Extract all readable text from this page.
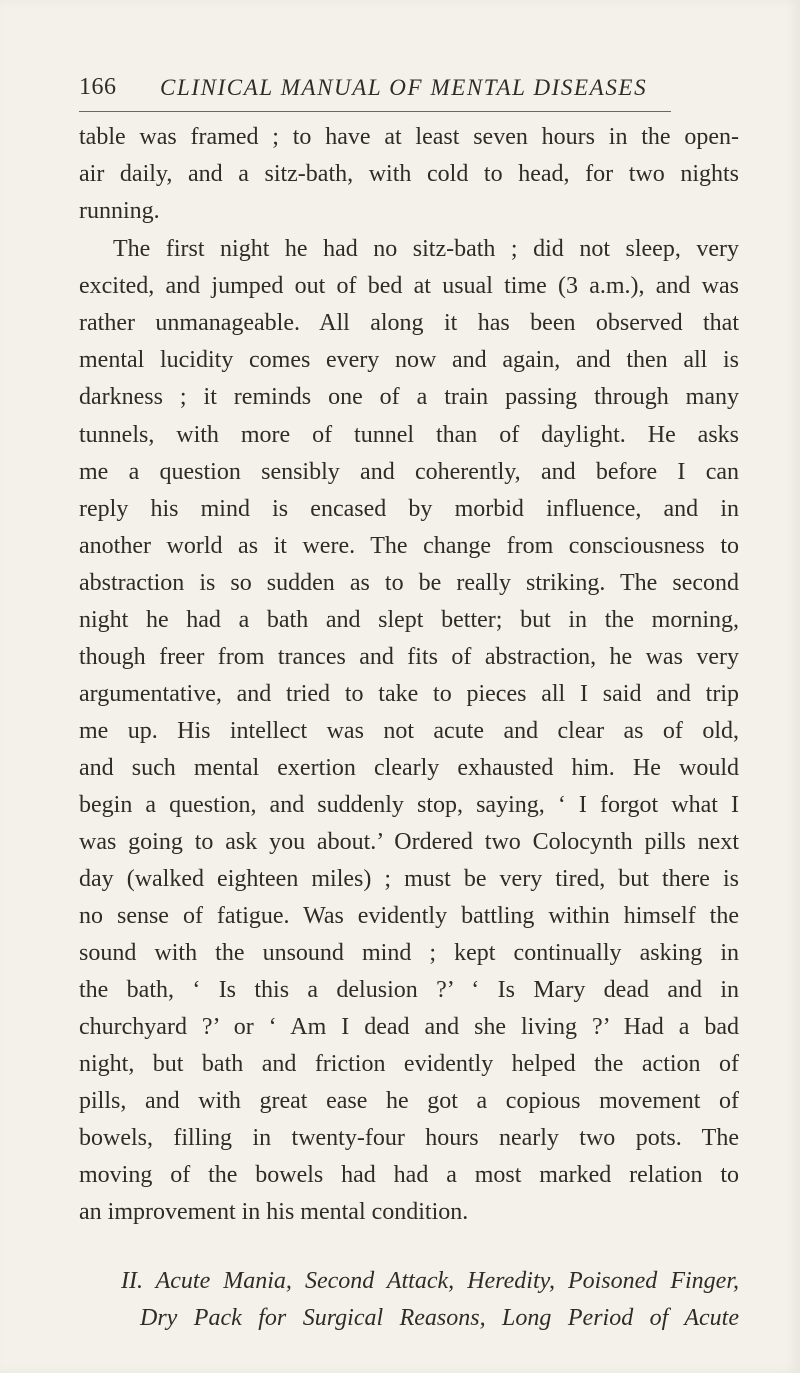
166 CLINICAL MANUAL OF MENTAL DISEASES
table was framed ; to have at least seven hours in the open-
air daily, and a sitz-bath, with cold to head, for two nights
running.
The first night he had no sitz-bath ; did not sleep, very
excited, and jumped out of bed at usual time (3 a.m.), and was
rather unmanageable. All along it has been observed that
mental lucidity comes every now and again, and then all is
darkness ; it reminds one of a train passing through many
tunnels, with more of tunnel than of daylight. He asks
me a question sensibly and coherently, and before I can
reply his mind is encased by morbid influence, and in
another world as it were. The change from consciousness to
abstraction is so sudden as to be really striking. The second
night he had a bath and slept better; but in the morning,
though freer from trances and fits of abstraction, he was very
argumentative, and tried to take to pieces all I said and trip
me up. His intellect was not acute and clear as of old,
and such mental exertion clearly exhausted him. He would
begin a question, and suddenly stop, saying, ‘ I forgot what I
was going to ask you about.’ Ordered two Colocynth pills next
day (walked eighteen miles) ; must be very tired, but there is
no sense of fatigue. Was evidently battling within himself the
sound with the unsound mind ; kept continually asking in
the bath, ‘ Is this a delusion ?’ ‘ Is Mary dead and in
churchyard ?’ or ‘ Am I dead and she living ?’ Had a bad
night, but bath and friction evidently helped the action of
pills, and with great ease he got a copious movement of
bowels, filling in twenty-four hours nearly two pots. The
moving of the bowels had had a most marked relation to
an improvement in his mental condition.
II. Acute Mania, Second Attack, Heredity, Poisoned Finger,
Dry Pack for Surgical Reasons, Long Period of Acute
